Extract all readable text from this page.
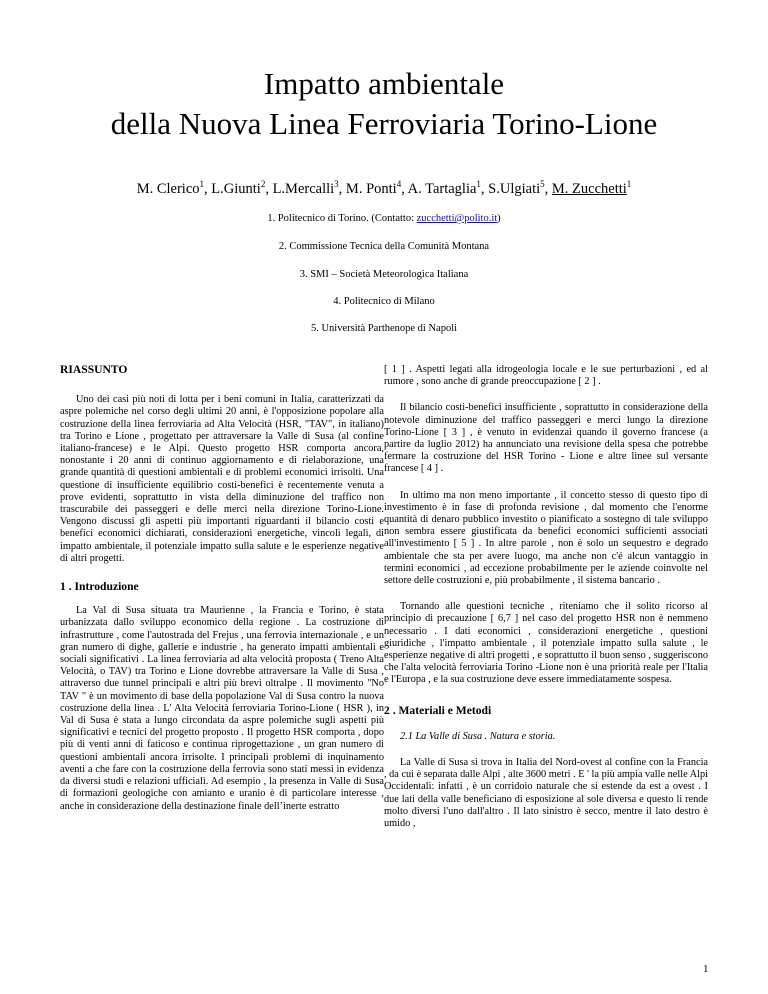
Impatto ambientale
della Nuova Linea Ferroviaria Torino-Lione
M. Clerico$^1$, L.Giunti$^2$, L.Mercalli$^3$, M. Ponti$^4$, A. Tartaglia$^1$, S.Ulgiati$^5$, M. Zucchetti$^1$
1. Politecnico di Torino. (Contatto: zucchetti@polito.it)
2. Commissione Tecnica della Comunità Montana
3. SMI – Società Meteorologica Italiana
4. Politecnico di Milano
5. Università Parthenope di Napoli
RIASSUNTO

Uno dei casi più noti di lotta per i beni comuni in Italia, caratterizzati da aspre polemiche nel corso degli ultimi 20 anni, è l'opposizione popolare alla costruzione della linea ferroviaria ad Alta Velocità (HSR, "TAV", in italiano) tra Torino e Lione , progettato per attraversare la Valle di Susa (al confine italiano-francese) e le Alpi. Questo progetto HSR comporta ancora, nonostante i 20 anni di continuo aggiornamento e di rielaborazione, una grande quantità di questioni ambientali e di problemi economici irrisolti. Una questione di insufficiente equilibrio costi-benefici è recentemente venuta a prove evidenti, soprattutto in vista della diminuzione del traffico non trascurabile dei passeggeri e delle merci nella direzione Torino-Lione. Vengono discussi gli aspetti più importanti riguardanti il bilancio costi e benefici economici dichiarati, considerazioni energetiche, vincoli legali, di impatto ambientale, il potenziale impatto sulla salute e le esperienze negative di altri progetti.

1 . Introduzione

La Val di Susa situata tra Maurienne , la Francia e Torino, è stata urbanizzata dallo sviluppo economico della regione . La costruzione di infrastrutture , come l'autostrada del Frejus , una ferrovia internazionale , e un gran numero di dighe, gallerie e industrie , ha generato impatti ambientali e sociali significativi . La linea ferroviaria ad alta velocità proposta ( Treno Alta Velocità, o TAV) tra Torino e Lione dovrebbe attraversare la Valle di Susa , attraverso due tunnel principali e altri più brevi oltralpe . Il movimento "No TAV " è un movimento di base della popolazione Val di Susa contro la nuova costruzione della linea . L' Alta Velocità ferroviaria Torino-Lione ( HSR ), in Val di Susa è stata a lungo circondata da aspre polemiche sugli aspetti più significativi e tecnici del progetto proposto . Il progetto HSR comporta , dopo più di venti anni di faticoso e continua riprogettazione , un gran numero di questioni ambientali ancora irrisolte. I principali problemi di inquinamento aventi a che fare con la costruzione della ferrovia sono stati messi in evidenza da diversi studi e relazioni ufficiali. Ad esempio , la presenza in Valle di Susa di formazioni geologiche con amianto e uranio è di particolare interesse , anche in considerazione della destinazione finale dell’inerte estratto

[ 1 ] . Aspetti legati alla idrogeologia locale e le sue perturbazioni , ed al rumore , sono anche di grande preoccupazione [ 2 ] .

Il bilancio costi-benefici insufficiente , soprattutto in considerazione della notevole diminuzione del traffico passeggeri e merci lungo la direzione Torino-Lione [ 3 ] , è venuto in evidenzai quando il governo francese (a partire da luglio 2012) ha annunciato una revisione della spesa che potrebbe fermare la costruzione del HSR Torino - Lione e altre linee sul versante francese [ 4 ] .

In ultimo ma non meno importante , il concetto stesso di questo tipo di investimento è in fase di profonda revisione , dal momento che l'enorme quantità di denaro pubblico investito o pianificato a sostegno di tale sviluppo non sembra essere giustificata da benefici economici sufficienti associati all'investimento [ 5 ] . In altre parole , non è solo un sequestro e degrado ambientale che sta per avere luogo, ma anche non c'é alcun vantaggio in termini economici , ad eccezione probabilmente per le aziende coinvolte nel settore delle costruzioni e, più probabilmente , il sistema bancario .

Tornando alle questioni tecniche , riteniamo che il solito ricorso al principio di precauzione [ 6,7 ] nel caso del progetto HSR non è nemmeno necessario . I dati economici , considerazioni energetiche , questioni giuridiche , l'impatto ambientale , il potenziale impatto sulla salute , le esperienze negative di altri progetti , e soprattutto il buon senso , suggeriscono che l'alta velocità ferroviaria Torino -Lione non è una priorità reale per l'Italia e l'Europa , e la sua costruzione deve essere immediatamente sospesa.

2 . Materiali e Metodi
2.1 La Valle di Susa . Natura e storia.

La Valle di Susa si trova in Italia del Nord-ovest al confine con la Francia , da cui è separata dalle Alpi , alte 3600 metri . E ' la più ampia valle nelle Alpi Occidentali: infatti , è un corridoio naturale che si estende da est a ovest . I due lati della valle beneficiano di esposizione al sole diversa e questo li rende molto diversi l'uno dall'altro . Il lato sinistro è secco, mentre il lato destro è umido ,

1
